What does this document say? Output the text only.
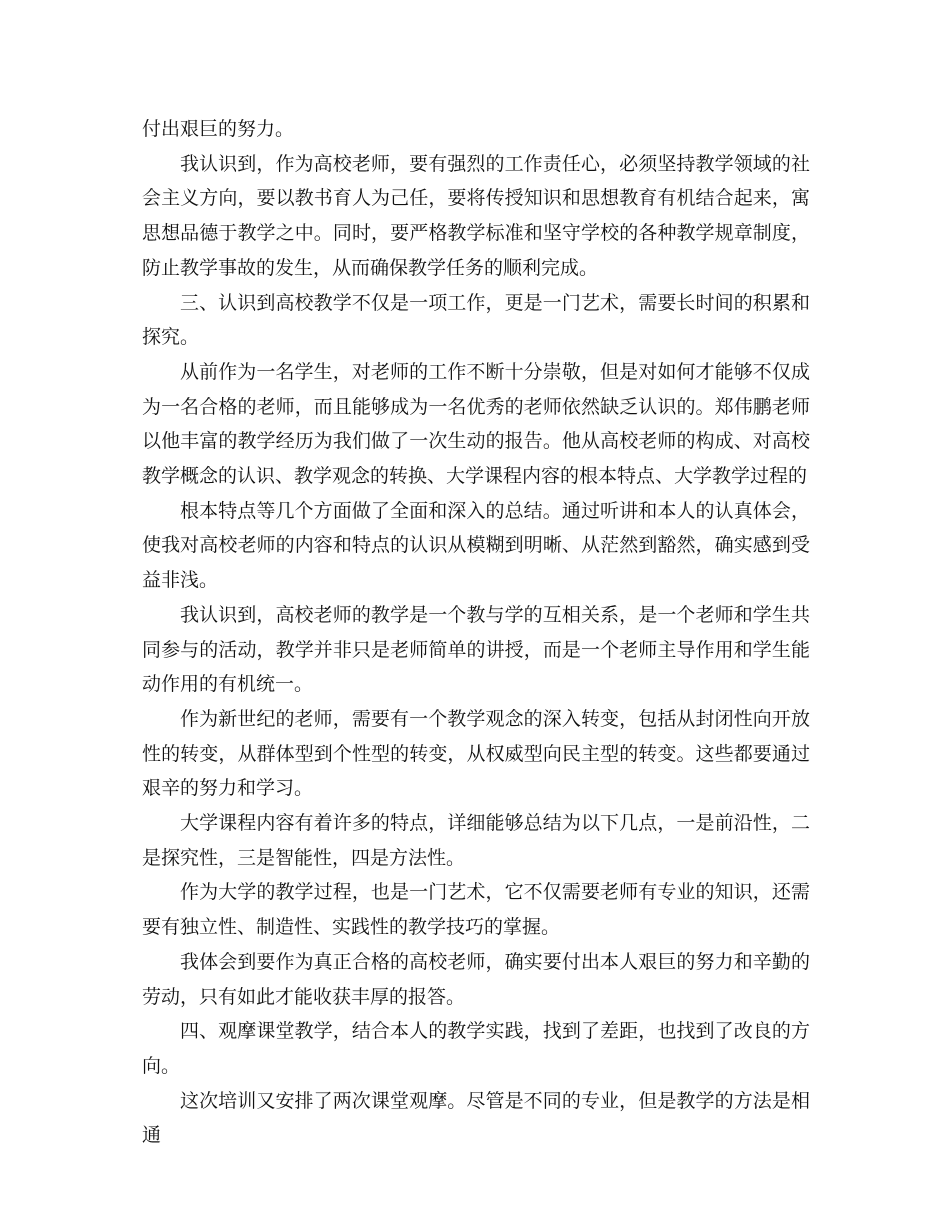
付出艰巨的努力。

我认识到，作为高校老师，要有强烈的工作责任心，必须坚持教学领域的社会主义方向，要以教书育人为己任，要将传授知识和思想教育有机结合起来，寓思想品德于教学之中。同时，要严格教学标准和坚守学校的各种教学规章制度，防止教学事故的发生，从而确保教学任务的顺利完成。

三、认识到高校教学不仅是一项工作，更是一门艺术，需要长时间的积累和探究。

从前作为一名学生，对老师的工作不断十分崇敬，但是对如何才能够不仅成为一名合格的老师，而且能够成为一名优秀的老师依然缺乏认识的。郑伟鹏老师以他丰富的教学经历为我们做了一次生动的报告。他从高校老师的构成、对高校教学概念的认识、教学观念的转换、大学课程内容的根本特点、大学教学过程的

根本特点等几个方面做了全面和深入的总结。通过听讲和本人的认真体会，使我对高校老师的内容和特点的认识从模糊到明晰、从茫然到豁然，确实感到受益非浅。

我认识到，高校老师的教学是一个教与学的互相关系，是一个老师和学生共同参与的活动，教学并非只是老师简单的讲授，而是一个老师主导作用和学生能动作用的有机统一。

作为新世纪的老师，需要有一个教学观念的深入转变，包括从封闭性向开放性的转变，从群体型到个性型的转变，从权威型向民主型的转变。这些都要通过艰辛的努力和学习。

大学课程内容有着许多的特点，详细能够总结为以下几点，一是前沿性，二是探究性，三是智能性，四是方法性。

作为大学的教学过程，也是一门艺术，它不仅需要老师有专业的知识，还需要有独立性、制造性、实践性的教学技巧的掌握。

我体会到要作为真正合格的高校老师，确实要付出本人艰巨的努力和辛勤的劳动，只有如此才能收获丰厚的报答。

四、观摩课堂教学，结合本人的教学实践，找到了差距，也找到了改良的方向。

这次培训又安排了两次课堂观摩。尽管是不同的专业，但是教学的方法是相通
